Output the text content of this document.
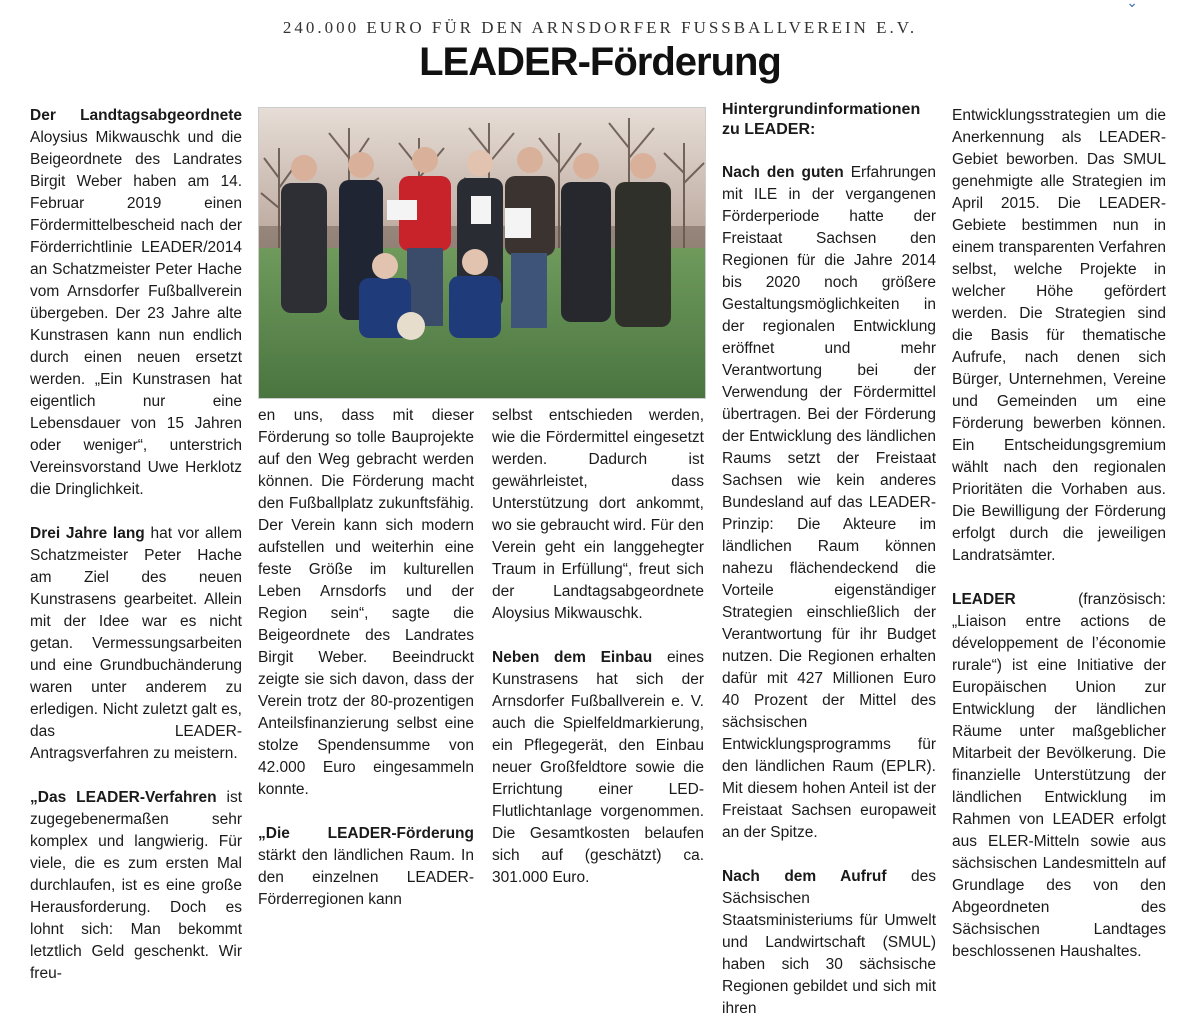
⌄
240.000 EURO FÜR DEN ARNSDORFER FUSSBALLVEREIN E.V.
LEADER-Förderung

Der Landtagsabgeordnete Aloysius Mikwauschk und die Beigeordnete des Landrates Birgit Weber haben am 14. Februar 2019 einen Fördermittelbescheid nach der Förderrichtlinie LEADER/2014 an Schatzmeister Peter Hache vom Arnsdorfer Fußballverein übergeben. Der 23 Jahre alte Kunstrasen kann nun endlich durch einen neuen ersetzt werden. „Ein Kunstrasen hat eigentlich nur eine Lebensdauer von 15 Jahren oder weniger“, unterstrich Vereinsvorstand Uwe Herklotz die Dringlichkeit.

Drei Jahre lang hat vor allem Schatzmeister Peter Hache am Ziel des neuen Kunstrasens gearbeitet. Allein mit der Idee war es nicht getan. Vermessungsarbeiten und eine Grundbuchänderung waren unter anderem zu erledigen. Nicht zuletzt galt es, das LEADER-Antragsverfahren zu meistern.

„Das LEADER-Verfahren ist zugegebenermaßen sehr komplex und langwierig. Für viele, die es zum ersten Mal durchlaufen, ist es eine große Herausforderung. Doch es lohnt sich: Man bekommt letztlich Geld geschenkt. Wir freu-

en uns, dass mit dieser Förderung so tolle Bauprojekte auf den Weg gebracht werden können. Die Förderung macht den Fußballplatz zukunftsfähig. Der Verein kann sich modern aufstellen und weiterhin eine feste Größe im kulturellen Leben Arnsdorfs und der Region sein“, sagte die Beigeordnete des Landrates Birgit Weber. Beeindruckt zeigte sie sich davon, dass der Verein trotz der 80-prozentigen Anteilsfinanzierung selbst eine stolze Spendensumme von 42.000 Euro eingesammeln konnte.

„Die LEADER-Förderung stärkt den ländlichen Raum. In den einzelnen LEADER-Förderregionen kann

selbst entschieden werden, wie die Fördermittel eingesetzt werden. Dadurch ist gewährleistet, dass Unterstützung dort ankommt, wo sie gebraucht wird. Für den Verein geht ein langgehegter Traum in Erfüllung“, freut sich der Landtagsabgeordnete Aloysius Mikwauschk.

Neben dem Einbau eines Kunstrasens hat sich der Arnsdorfer Fußballverein e. V. auch die Spielfeldmarkierung, ein Pflegegerät, den Einbau neuer Großfeldtore sowie die Errichtung einer LED-Flutlichtanlage vorgenommen. Die Gesamtkosten belaufen sich auf (geschätzt) ca. 301.000 Euro.

Hintergrundinformationen zu LEADER:

Nach den guten Erfahrungen mit ILE in der vergangenen Förderperiode hatte der Freistaat Sachsen den Regionen für die Jahre 2014 bis 2020 noch größere Gestaltungsmöglichkeiten in der regionalen Entwicklung eröffnet und mehr Verantwortung bei der Verwendung der Fördermittel übertragen. Bei der Förderung der Entwicklung des ländlichen Raums setzt der Freistaat Sachsen wie kein anderes Bundesland auf das LEADER-Prinzip: Die Akteure im ländlichen Raum können nahezu flächendeckend die Vorteile eigenständiger Strategien einschließlich der Verantwortung für ihr Budget nutzen. Die Regionen erhalten dafür mit 427 Millionen Euro 40 Prozent der Mittel des sächsischen Entwicklungsprogramms für den ländlichen Raum (EPLR). Mit diesem hohen Anteil ist der Freistaat Sachsen europaweit an der Spitze.

Nach dem Aufruf des Sächsischen Staatsministeriums für Umwelt und Landwirtschaft (SMUL) haben sich 30 sächsische Regionen gebildet und sich mit ihren

Entwicklungsstrategien um die Anerkennung als LEADER-Gebiet beworben. Das SMUL genehmigte alle Strategien im April 2015. Die LEADER-Gebiete bestimmen nun in einem transparenten Verfahren selbst, welche Projekte in welcher Höhe gefördert werden. Die Strategien sind die Basis für thematische Aufrufe, nach denen sich Bürger, Unternehmen, Vereine und Gemeinden um eine Förderung bewerben können. Ein Entscheidungsgremium wählt nach den regionalen Prioritäten die Vorhaben aus. Die Bewilligung der Förderung erfolgt durch die jeweiligen Landratsämter.

LEADER	(französisch: „Liaison entre actions de développement de l’économie rurale“) ist eine Initiative der Europäischen Union zur Entwicklung der ländlichen Räume unter maßgeblicher Mitarbeit der Bevölkerung. Die finanzielle Unterstützung der ländlichen Entwicklung im Rahmen von LEADER erfolgt aus ELER-Mitteln sowie aus sächsischen Landesmitteln auf Grundlage des von den Abgeordneten des Sächsischen Landtages beschlossenen Haushaltes.
